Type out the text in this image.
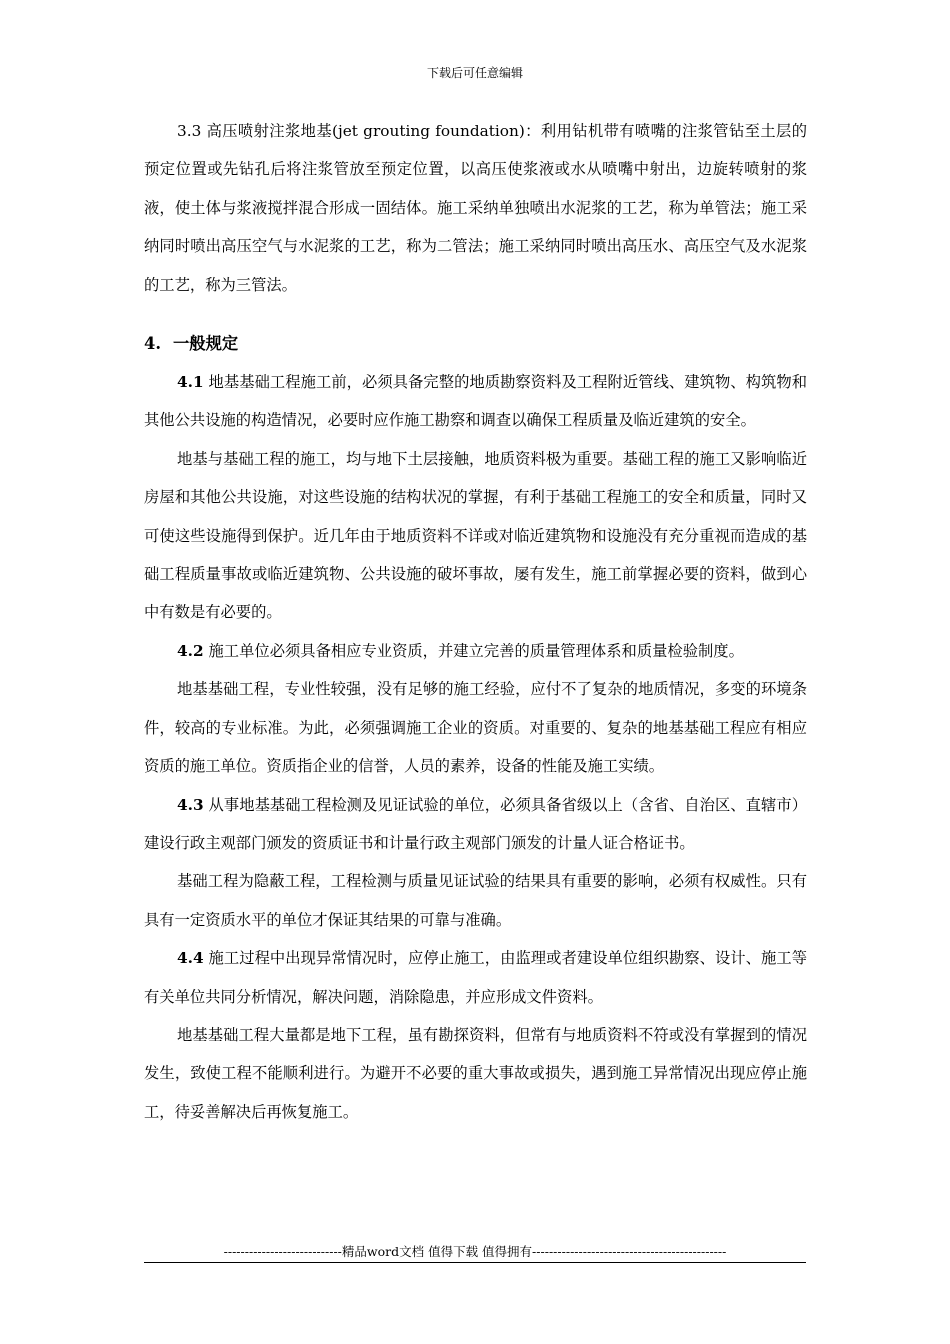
下载后可任意编辑

3.3 高压喷射注浆地基(jet grouting foundation)：利用钻机带有喷嘴的注浆管钻至土层的预定位置或先钻孔后将注浆管放至预定位置，以高压使浆液或水从喷嘴中射出，边旋转喷射的浆液，使土体与浆液搅拌混合形成一固结体。施工采纳单独喷出水泥浆的工艺，称为单管法；施工采纳同时喷出高压空气与水泥浆的工艺，称为二管法；施工采纳同时喷出高压水、高压空气及水泥浆的工艺，称为三管法。

4. 一般规定

4.1 地基基础工程施工前，必须具备完整的地质勘察资料及工程附近管线、建筑物、构筑物和其他公共设施的构造情况，必要时应作施工勘察和调查以确保工程质量及临近建筑的安全。

地基与基础工程的施工，均与地下土层接触，地质资料极为重要。基础工程的施工又影响临近房屋和其他公共设施，对这些设施的结构状况的掌握，有利于基础工程施工的安全和质量，同时又可使这些设施得到保护。近几年由于地质资料不详或对临近建筑物和设施没有充分重视而造成的基础工程质量事故或临近建筑物、公共设施的破坏事故，屡有发生，施工前掌握必要的资料，做到心中有数是有必要的。

4.2 施工单位必须具备相应专业资质，并建立完善的质量管理体系和质量检验制度。

地基基础工程，专业性较强，没有足够的施工经验，应付不了复杂的地质情况，多变的环境条件，较高的专业标准。为此，必须强调施工企业的资质。对重要的、复杂的地基基础工程应有相应资质的施工单位。资质指企业的信誉，人员的素养，设备的性能及施工实绩。

4.3 从事地基基础工程检测及见证试验的单位，必须具备省级以上（含省、自治区、直辖市）建设行政主观部门颁发的资质证书和计量行政主观部门颁发的计量人证合格证书。

基础工程为隐蔽工程，工程检测与质量见证试验的结果具有重要的影响，必须有权威性。只有具有一定资质水平的单位才保证其结果的可靠与准确。

4.4 施工过程中出现异常情况时，应停止施工，由监理或者建设单位组织勘察、设计、施工等有关单位共同分析情况，解决问题，消除隐患，并应形成文件资料。

地基基础工程大量都是地下工程，虽有勘探资料，但常有与地质资料不符或没有掌握到的情况发生，致使工程不能顺利进行。为避开不必要的重大事故或损失，遇到施工异常情况出现应停止施工，待妥善解决后再恢复施工。

----------------------------精品word文档 值得下载 值得拥有----------------------------------------------
